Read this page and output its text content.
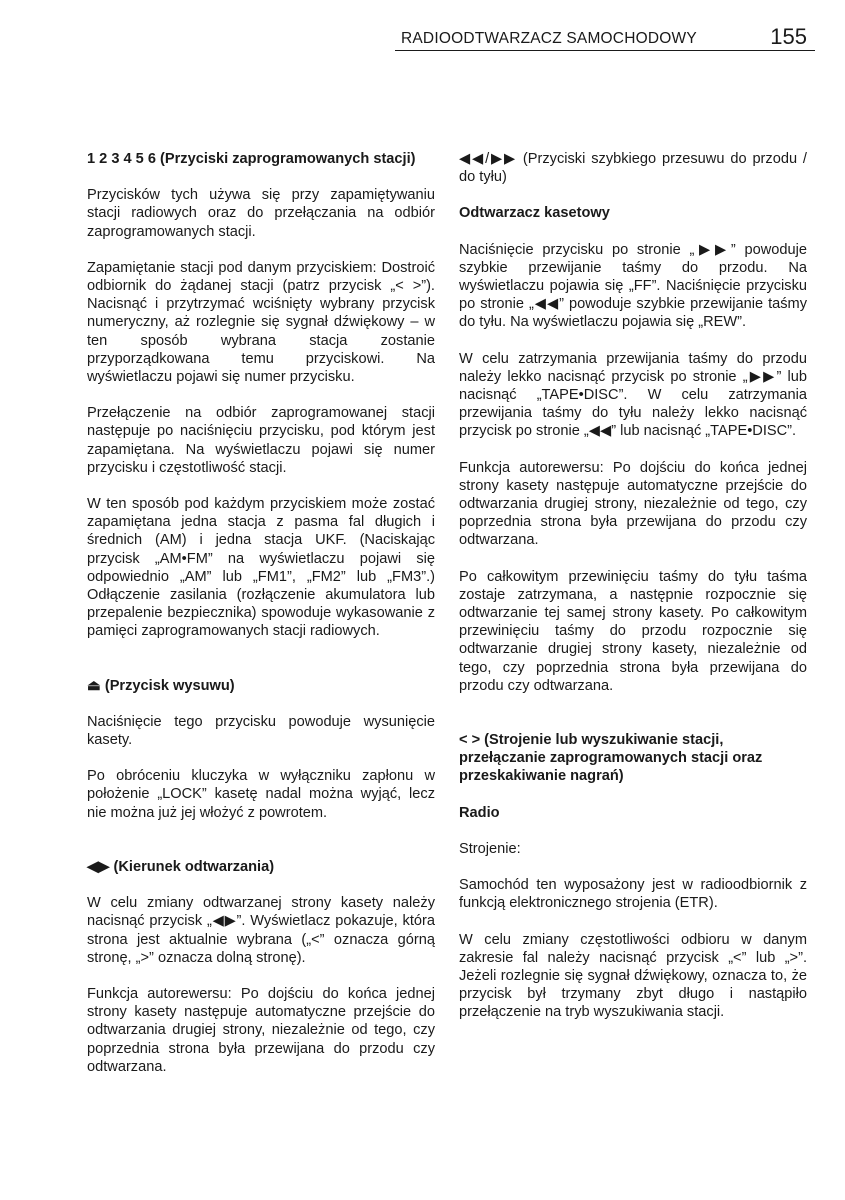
RADIOODTWARZACZ SAMOCHODOWY	155
1 2 3 4 5 6 (Przyciski zaprogramowanych stacji)

Przycisków tych używa się przy zapamiętywaniu stacji radiowych oraz do przełączania na odbiór zaprogramowanych stacji.

Zapamiętanie stacji pod danym przyciskiem: Dostroić odbiornik do żądanej stacji (patrz przycisk „< >”). Nacisnąć i przytrzymać wciśnięty wybrany przycisk numeryczny, aż rozlegnie się sygnał dźwiękowy – w ten sposób wybrana stacja zostanie przyporządkowana temu przyciskowi. Na wyświetlaczu pojawi się numer przycisku.

Przełączenie na odbiór zaprogramowanej stacji następuje po naciśnięciu przycisku, pod którym jest zapamiętana. Na wyświetlaczu pojawi się numer przycisku i częstotliwość stacji.

W ten sposób pod każdym przyciskiem może zostać zapamiętana jedna stacja z pasma fal długich i średnich (AM) i jedna stacja UKF. (Naciskając przycisk „AM•FM” na wyświetlaczu pojawi się odpowiednio „AM” lub „FM1”, „FM2” lub „FM3”.) Odłączenie zasilania (rozłączenie akumulatora lub przepalenie bezpiecznika) spowoduje wykasowanie z pamięci zaprogramowanych stacji radiowych.

⏏ (Przycisk wysuwu)

Naciśnięcie tego przycisku powoduje wysunięcie kasety.

Po obróceniu kluczyka w wyłączniku zapłonu w położenie „LOCK” kasetę nadal można wyjąć, lecz nie można już jej włożyć z powrotem.

◀▶ (Kierunek odtwarzania)

W celu zmiany odtwarzanej strony kasety należy nacisnąć przycisk „◀▶”. Wyświetlacz pokazuje, która strona jest aktualnie wybrana („<” oznacza górną stronę, „>” oznacza dolną stronę).

Funkcja autorewersu: Po dojściu do końca jednej strony kasety następuje automatyczne przejście do odtwarzania drugiej strony, niezależnie od tego, czy poprzednia strona była przewijana do przodu czy odtwarzana.

◀◀/▶▶ (Przyciski szybkiego przesuwu do przodu / do tyłu)

Odtwarzacz kasetowy

Naciśnięcie przycisku po stronie „▶▶” powoduje szybkie przewijanie taśmy do przodu. Na wyświetlaczu pojawia się „FF”. Naciśnięcie przycisku po stronie „◀◀” powoduje szybkie przewijanie taśmy do tyłu. Na wyświetlaczu pojawia się „REW”.

W celu zatrzymania przewijania taśmy do przodu należy lekko nacisnąć przycisk po stronie „▶▶” lub nacisnąć „TAPE•DISC”. W celu zatrzymania przewijania taśmy do tyłu należy lekko nacisnąć przycisk po stronie „◀◀” lub nacisnąć „TAPE•DISC”.

Funkcja autorewersu: Po dojściu do końca jednej strony kasety następuje automatyczne przejście do odtwarzania drugiej strony, niezależnie od tego, czy poprzednia strona była przewijana do przodu czy odtwarzana.

Po całkowitym przewinięciu taśmy do tyłu taśma zostaje zatrzymana, a następnie rozpocznie się odtwarzanie tej samej strony kasety. Po całkowitym przewinięciu taśmy do przodu rozpocznie się odtwarzanie drugiej strony kasety, niezależnie od tego, czy poprzednia strona była przewijana do przodu czy odtwarzana.

< > (Strojenie lub wyszukiwanie stacji, przełączanie zaprogramowanych stacji oraz przeskakiwanie nagrań)
Radio

Strojenie:

Samochód ten wyposażony jest w radioodbiornik z funkcją elektronicznego strojenia (ETR).

W celu zmiany częstotliwości odbioru w danym zakresie fal należy nacisnąć przycisk „<” lub „>”. Jeżeli rozlegnie się sygnał dźwiękowy, oznacza to, że przycisk był trzymany zbyt długo i nastąpiło przełączenie na tryb wyszukiwania stacji.
